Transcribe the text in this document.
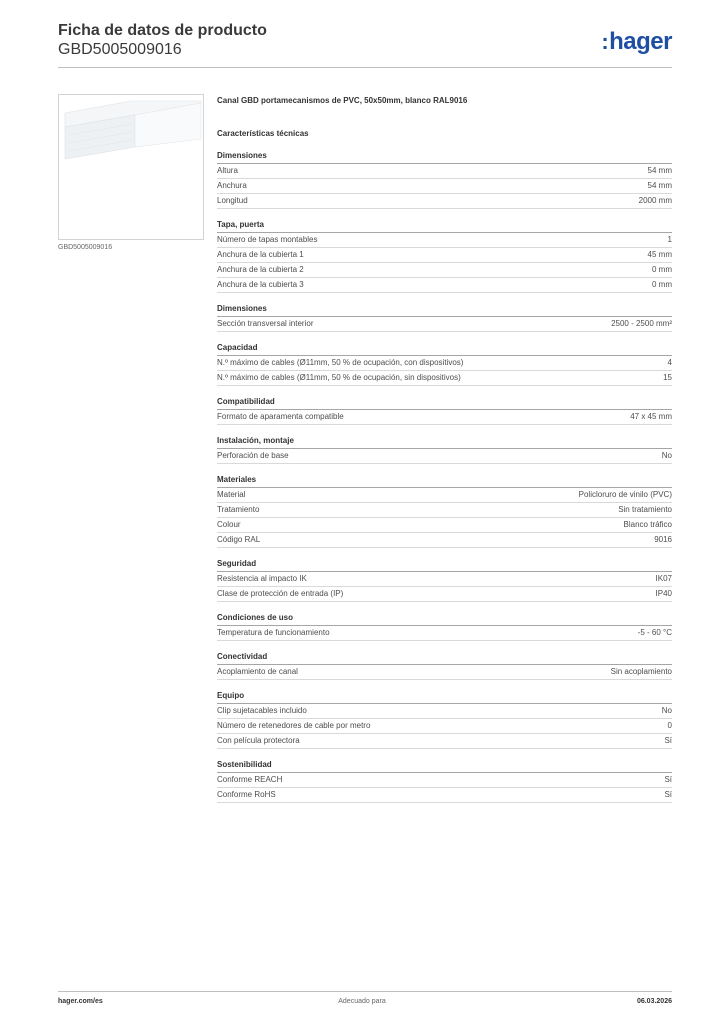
Ficha de datos de producto
GBD5005009016	:hager
GBD5005009016
Canal GBD portamecanismos de PVC, 50x50mm, blanco RAL9016
Características técnicas
Dimensiones
Altura	54 mm
Anchura	54 mm
Longitud	2000 mm
Tapa, puerta
Número de tapas montables	1
Anchura de la cubierta 1	45 mm
Anchura de la cubierta 2	0 mm
Anchura de la cubierta 3	0 mm
Dimensiones
Sección transversal interior	2500 - 2500 mm²
Capacidad
N.º máximo de cables (Ø11mm, 50 % de ocupación, con dispositivos)	4
N.º máximo de cables (Ø11mm, 50 % de ocupación, sin dispositivos)	15
Compatibilidad
Formato de aparamenta compatible	47 x 45 mm
Instalación, montaje
Perforación de base	No
Materiales
Material	Policloruro de vinilo (PVC)
Tratamiento	Sin tratamiento
Colour	Blanco tráfico
Código RAL	9016
Seguridad
Resistencia al impacto IK	IK07
Clase de protección de entrada (IP)	IP40
Condiciones de uso
Temperatura de funcionamiento	-5 - 60 °C
Conectividad
Acoplamiento de canal	Sin acoplamiento
Equipo
Clip sujetacables incluido	No
Número de retenedores de cable por metro	0
Con película protectora	Sí
Sostenibilidad
Conforme REACH	Sí
Conforme RoHS	Sí
hager.com/es	Adecuado para	06.03.2026
